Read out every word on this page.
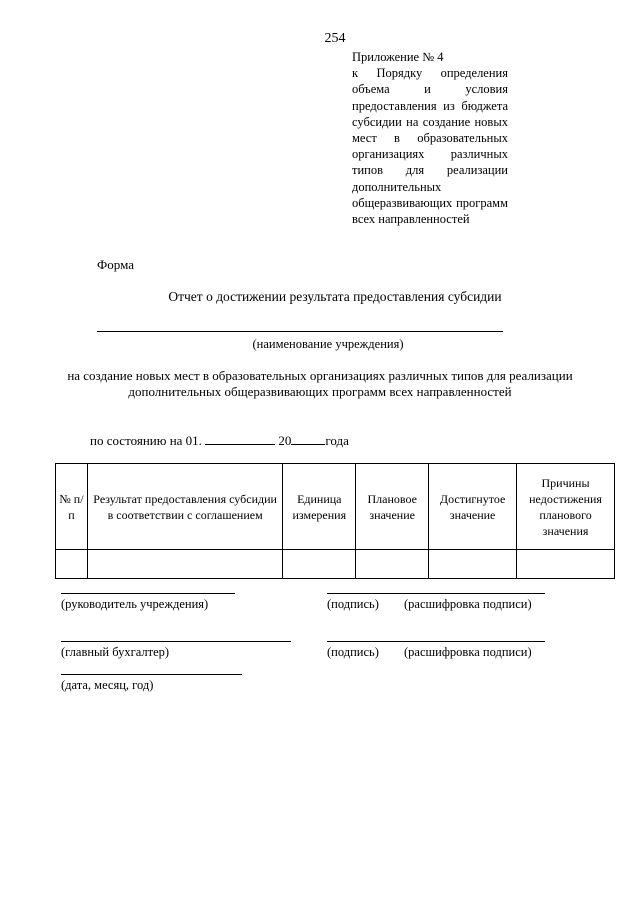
254
Приложение № 4
к Порядку определения объема и условия предоставления из бюджета субсидии на создание новых мест в образовательных организациях различных типов для реализации дополнительных общеразвивающих программ всех направленностей
Форма
Отчет о достижении результата предоставления субсидии
(наименование учреждения)
на создание новых мест в образовательных организациях различных типов для реализации дополнительных общеразвивающих программ всех направленностей
по состоянию на 01.	20	года
№ п/п	Результат предоставления субсидии в соответствии с соглашением	Единица измерения	Плановое значение	Достигнутое значение	Причины недостижения планового значения

(руководитель учреждения)	(подпись) (расшифровка подписи)
(главный бухгалтер)	(подпись) (расшифровка подписи)
(дата, месяц, год)
